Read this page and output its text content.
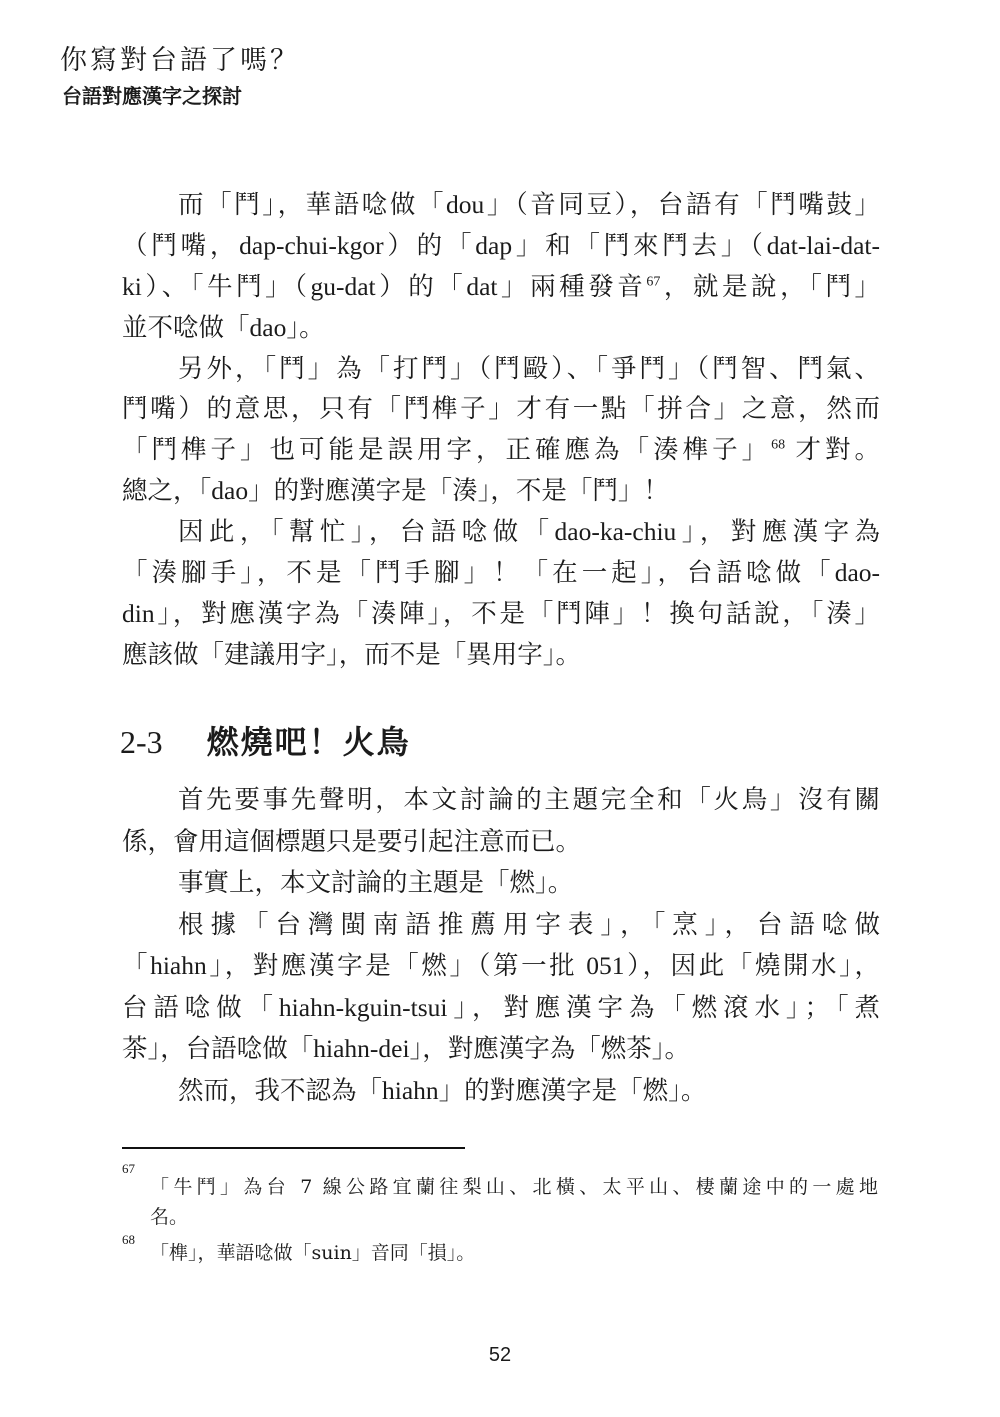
你寫對台語了嗎？
台語對應漢字之探討
而「鬥」，華語唸做「dou」（音同豆），台語有「鬥嘴鼓」
（鬥嘴，dap-chui-kgor）的「dap」和「鬥來鬥去」（dat-lai-dat-
ki）、「牛鬥」（gu-dat）的「dat」兩種發音$^{67}$，就是說，「鬥」
並不唸做「dao」。
另外，「鬥」為「打鬥」（鬥毆）、「爭鬥」（鬥智、鬥氣、
鬥嘴）的意思，只有「鬥榫子」才有一點「拼合」之意，然而
「鬥榫子」也可能是誤用字，正確應為「湊榫子」$^{68}$ 才對。
總之，「dao」的對應漢字是「湊」，不是「鬥」！
因此，「幫忙」，台語唸做「dao-ka-chiu」，對應漢字為
「湊腳手」，不是「鬥手腳」！「在一起」，台語唸做「dao-
din」，對應漢字為「湊陣」，不是「鬥陣」！換句話說，「湊」
應該做「建議用字」，而不是「異用字」。
2-3 燃燒吧！火鳥
首先要事先聲明，本文討論的主題完全和「火鳥」沒有關
係，會用這個標題只是要引起注意而已。
事實上，本文討論的主題是「燃」。
根據「台灣閩南語推薦用字表」，「烹」，台語唸做
「hiahn」，對應漢字是「燃」（第一批 051），因此「燒開水」，
台語唸做「hiahn-kguin-tsui」，對應漢字為「燃滾水」；「煮
茶」，台語唸做「hiahn-dei」，對應漢字為「燃茶」。
然而，我不認為「hiahn」的對應漢字是「燃」。
67
「牛鬥」為台 7 線公路宜蘭往梨山、北橫、太平山、棲蘭途中的一處地
名。
68
「榫」，華語唸做「suin」音同「損」。
52
